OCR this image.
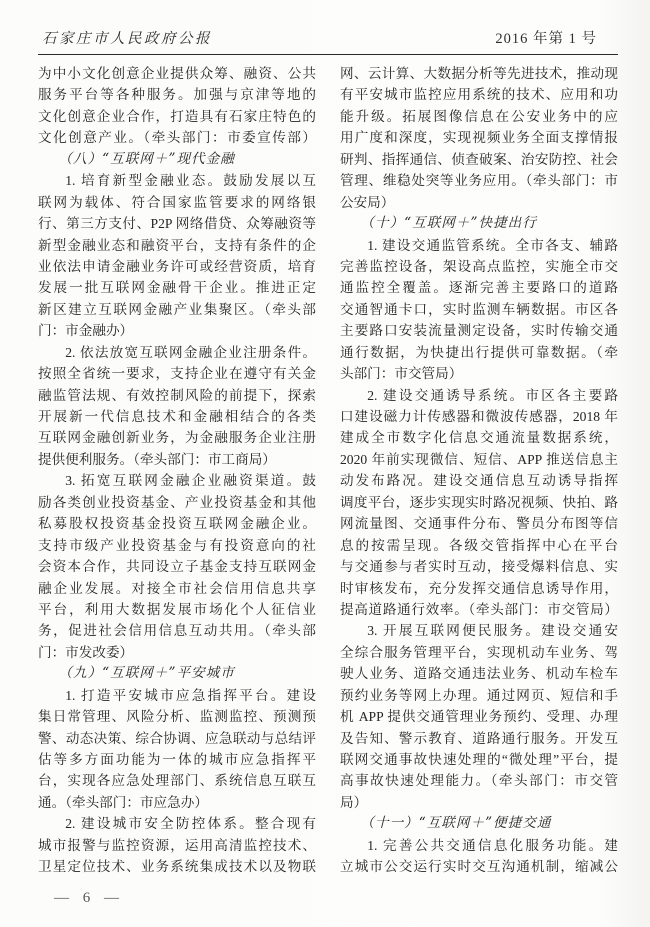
石家庄市人民政府公报	2016 年第 1 号
为中小文化创意企业提供众筹、融资、公共
服务平台等各种服务。加强与京津等地的
文化创意企业合作，打造具有石家庄特色的
文化创意产业。（牵头部门：市委宣传部）
（八）“互联网＋”现代金融
1. 培育新型金融业态。鼓励发展以互
联网为载体、符合国家监管要求的网络银
行、第三方支付、P2P 网络借贷、众筹融资等
新型金融业态和融资平台，支持有条件的企
业依法申请金融业务许可或经营资质，培育
发展一批互联网金融骨干企业。推进正定
新区建立互联网金融产业集聚区。（牵头部
门：市金融办）
2. 依法放宽互联网金融企业注册条件。
按照全省统一要求，支持企业在遵守有关金
融监管法规、有效控制风险的前提下，探索
开展新一代信息技术和金融相结合的各类
互联网金融创新业务，为金融服务企业注册
提供便利服务。（牵头部门：市工商局）
3. 拓宽互联网金融企业融资渠道。鼓
励各类创业投资基金、产业投资基金和其他
私募股权投资基金投资互联网金融企业。
支持市级产业投资基金与有投资意向的社
会资本合作，共同设立子基金支持互联网金
融企业发展。对接全市社会信用信息共享
平台，利用大数据发展市场化个人征信业
务，促进社会信用信息互动共用。（牵头部
门：市发改委）
（九）“互联网＋”平安城市
1. 打造平安城市应急指挥平台。建设
集日常管理、风险分析、监测监控、预测预
警、动态决策、综合协调、应急联动与总结评
估等多方面功能为一体的城市应急指挥平
台，实现各应急处理部门、系统信息互联互
通。（牵头部门：市应急办）
2. 建设城市安全防控体系。整合现有
城市报警与监控资源，运用高清监控技术、
卫星定位技术、业务系统集成技术以及物联
网、云计算、大数据分析等先进技术，推动现
有平安城市监控应用系统的技术、应用和功
能升级。拓展图像信息在公安业务中的应
用广度和深度，实现视频业务全面支撑情报
研判、指挥通信、侦查破案、治安防控、社会
管理、维稳处突等业务应用。（牵头部门：市
公安局）
（十）“互联网＋”快捷出行
1. 建设交通监管系统。全市各支、辅路
完善监控设备，架设高点监控，实施全市交
通监控全覆盖。逐渐完善主要路口的道路
交通智通卡口，实时监测车辆数据。市区各
主要路口安装流量测定设备，实时传输交通
通行数据，为快捷出行提供可靠数据。（牵
头部门：市交管局）
2. 建设交通诱导系统。市区各主要路
口建设磁力计传感器和微波传感器，2018 年
建成全市数字化信息交通流量数据系统，
2020 年前实现微信、短信、APP 推送信息主
动发布路况。建设交通信息互动诱导指挥
调度平台，逐步实现实时路况视频、快拍、路
网流量图、交通事件分布、警员分布图等信
息的按需呈现。各级交管指挥中心在平台
与交通参与者实时互动，接受爆料信息、实
时审核发布，充分发挥交通信息诱导作用，
提高道路通行效率。（牵头部门：市交管局）
3. 开展互联网便民服务。建设交通安
全综合服务管理平台，实现机动车业务、驾
驶人业务、道路交通违法业务、机动车检车
预约业务等网上办理。通过网页、短信和手
机 APP 提供交通管理业务预约、受理、办理
及告知、警示教育、道路通行服务。开发互
联网交通事故快速处理的“微处理”平台，提
高事故快速处理能力。（牵头部门：市交管
局）
（十一）“互联网＋”便捷交通
1. 完善公共交通信息化服务功能。建
立城市公交运行实时交互沟通机制，缩减公
— 6 —
